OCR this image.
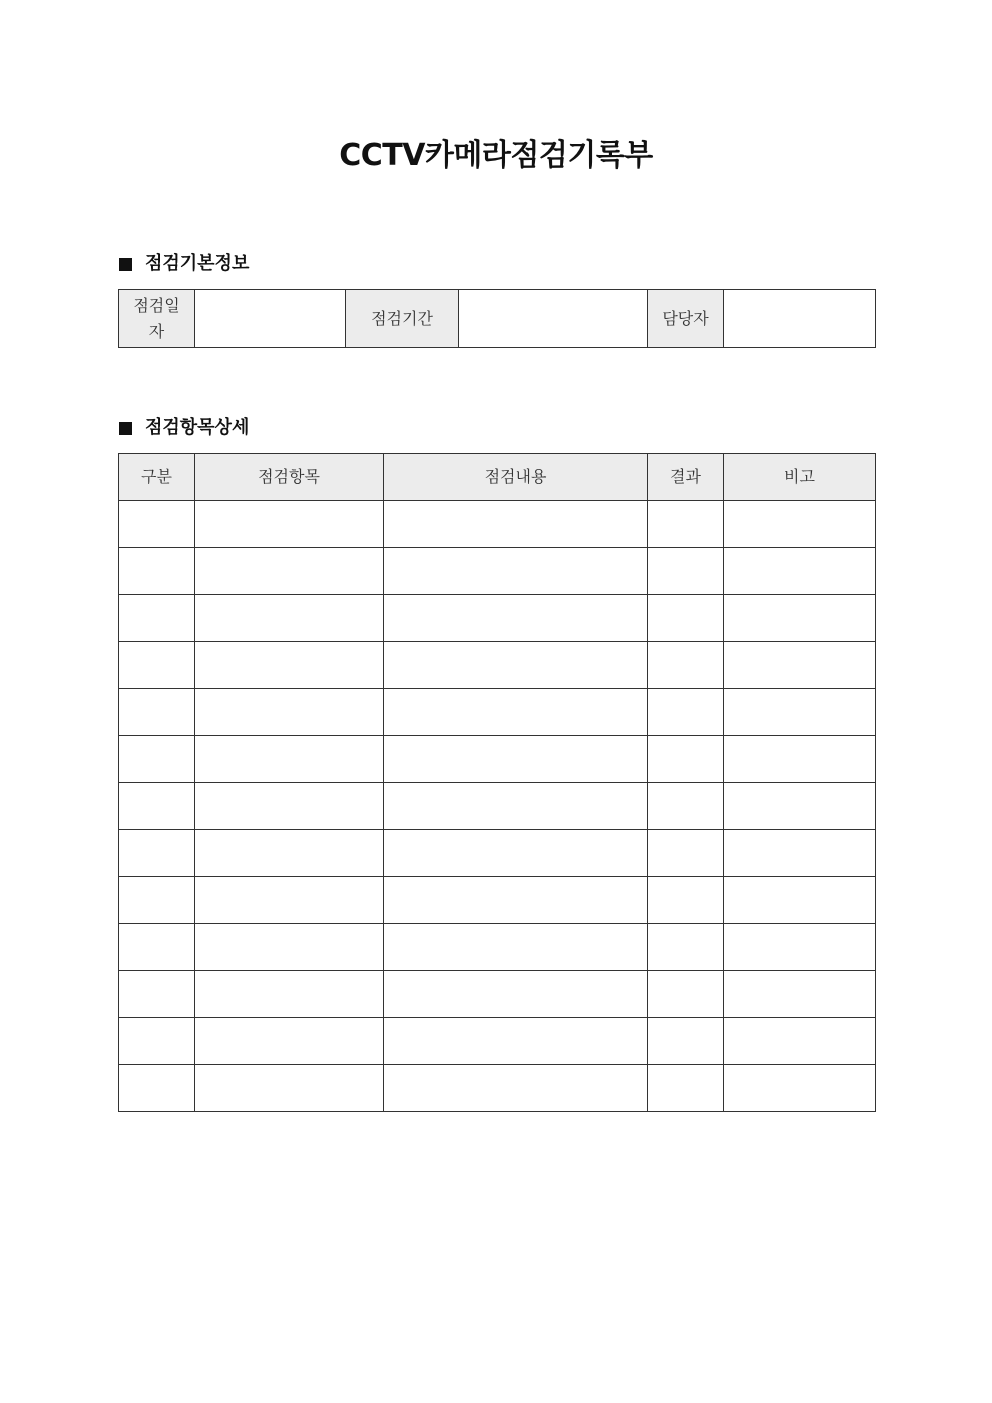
CCTV카메라점검기록부
점검기본정보
점검일자		점검기간		담당자	
점검항목상세
구분	점검항목	점검내용	결과	비고
